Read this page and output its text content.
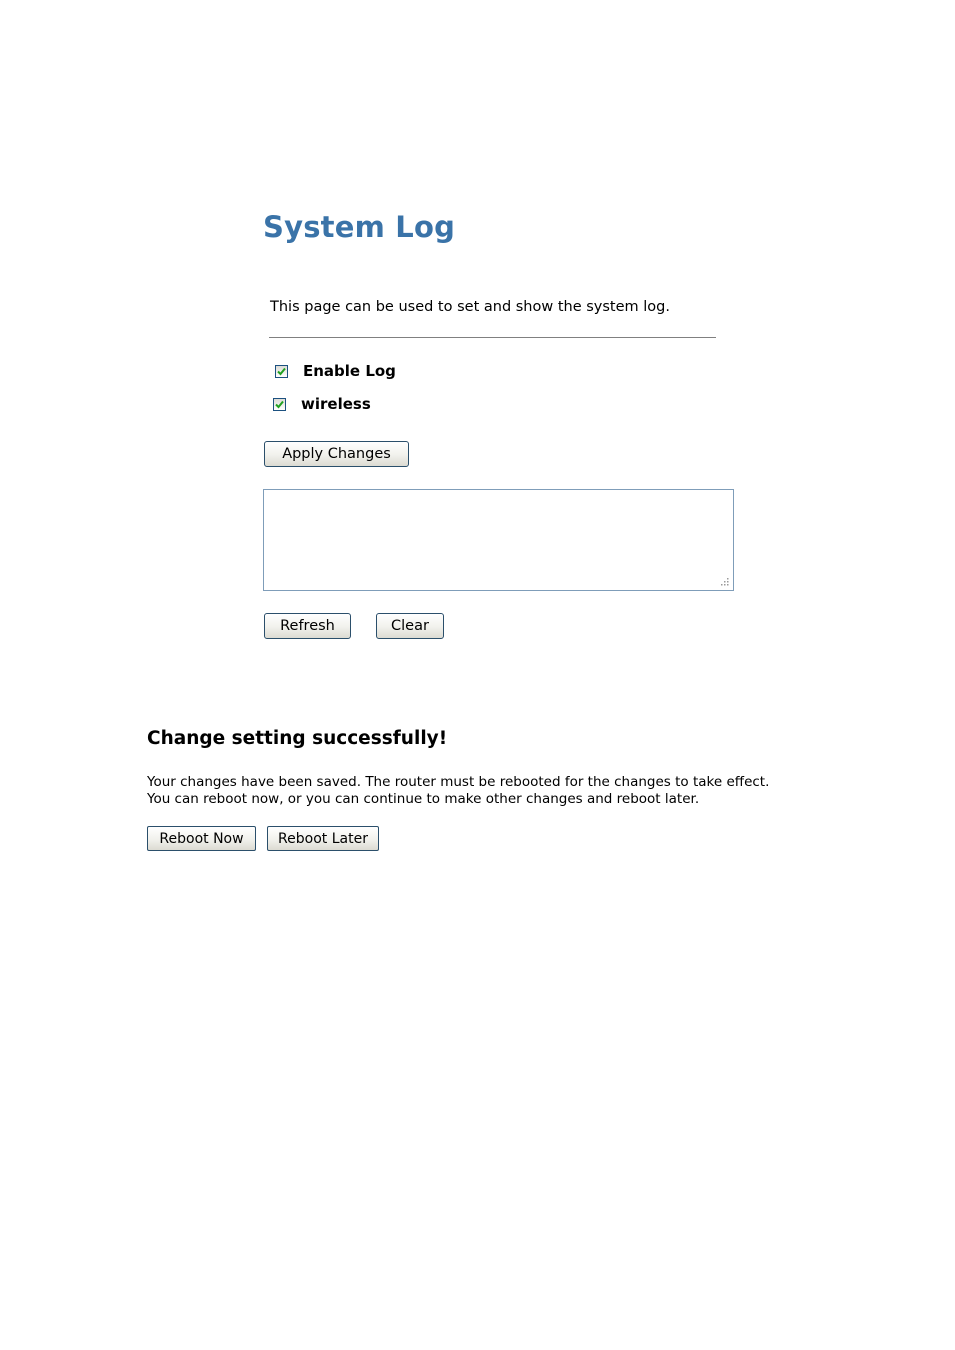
System Log
This page can be used to set and show the system log.
Enable Log
wireless
Apply Changes
Refresh	Clear
Change setting successfully!
Your changes have been saved. The router must be rebooted for the changes to take effect.
You can reboot now, or you can continue to make other changes and reboot later.
Reboot Now	Reboot Later
